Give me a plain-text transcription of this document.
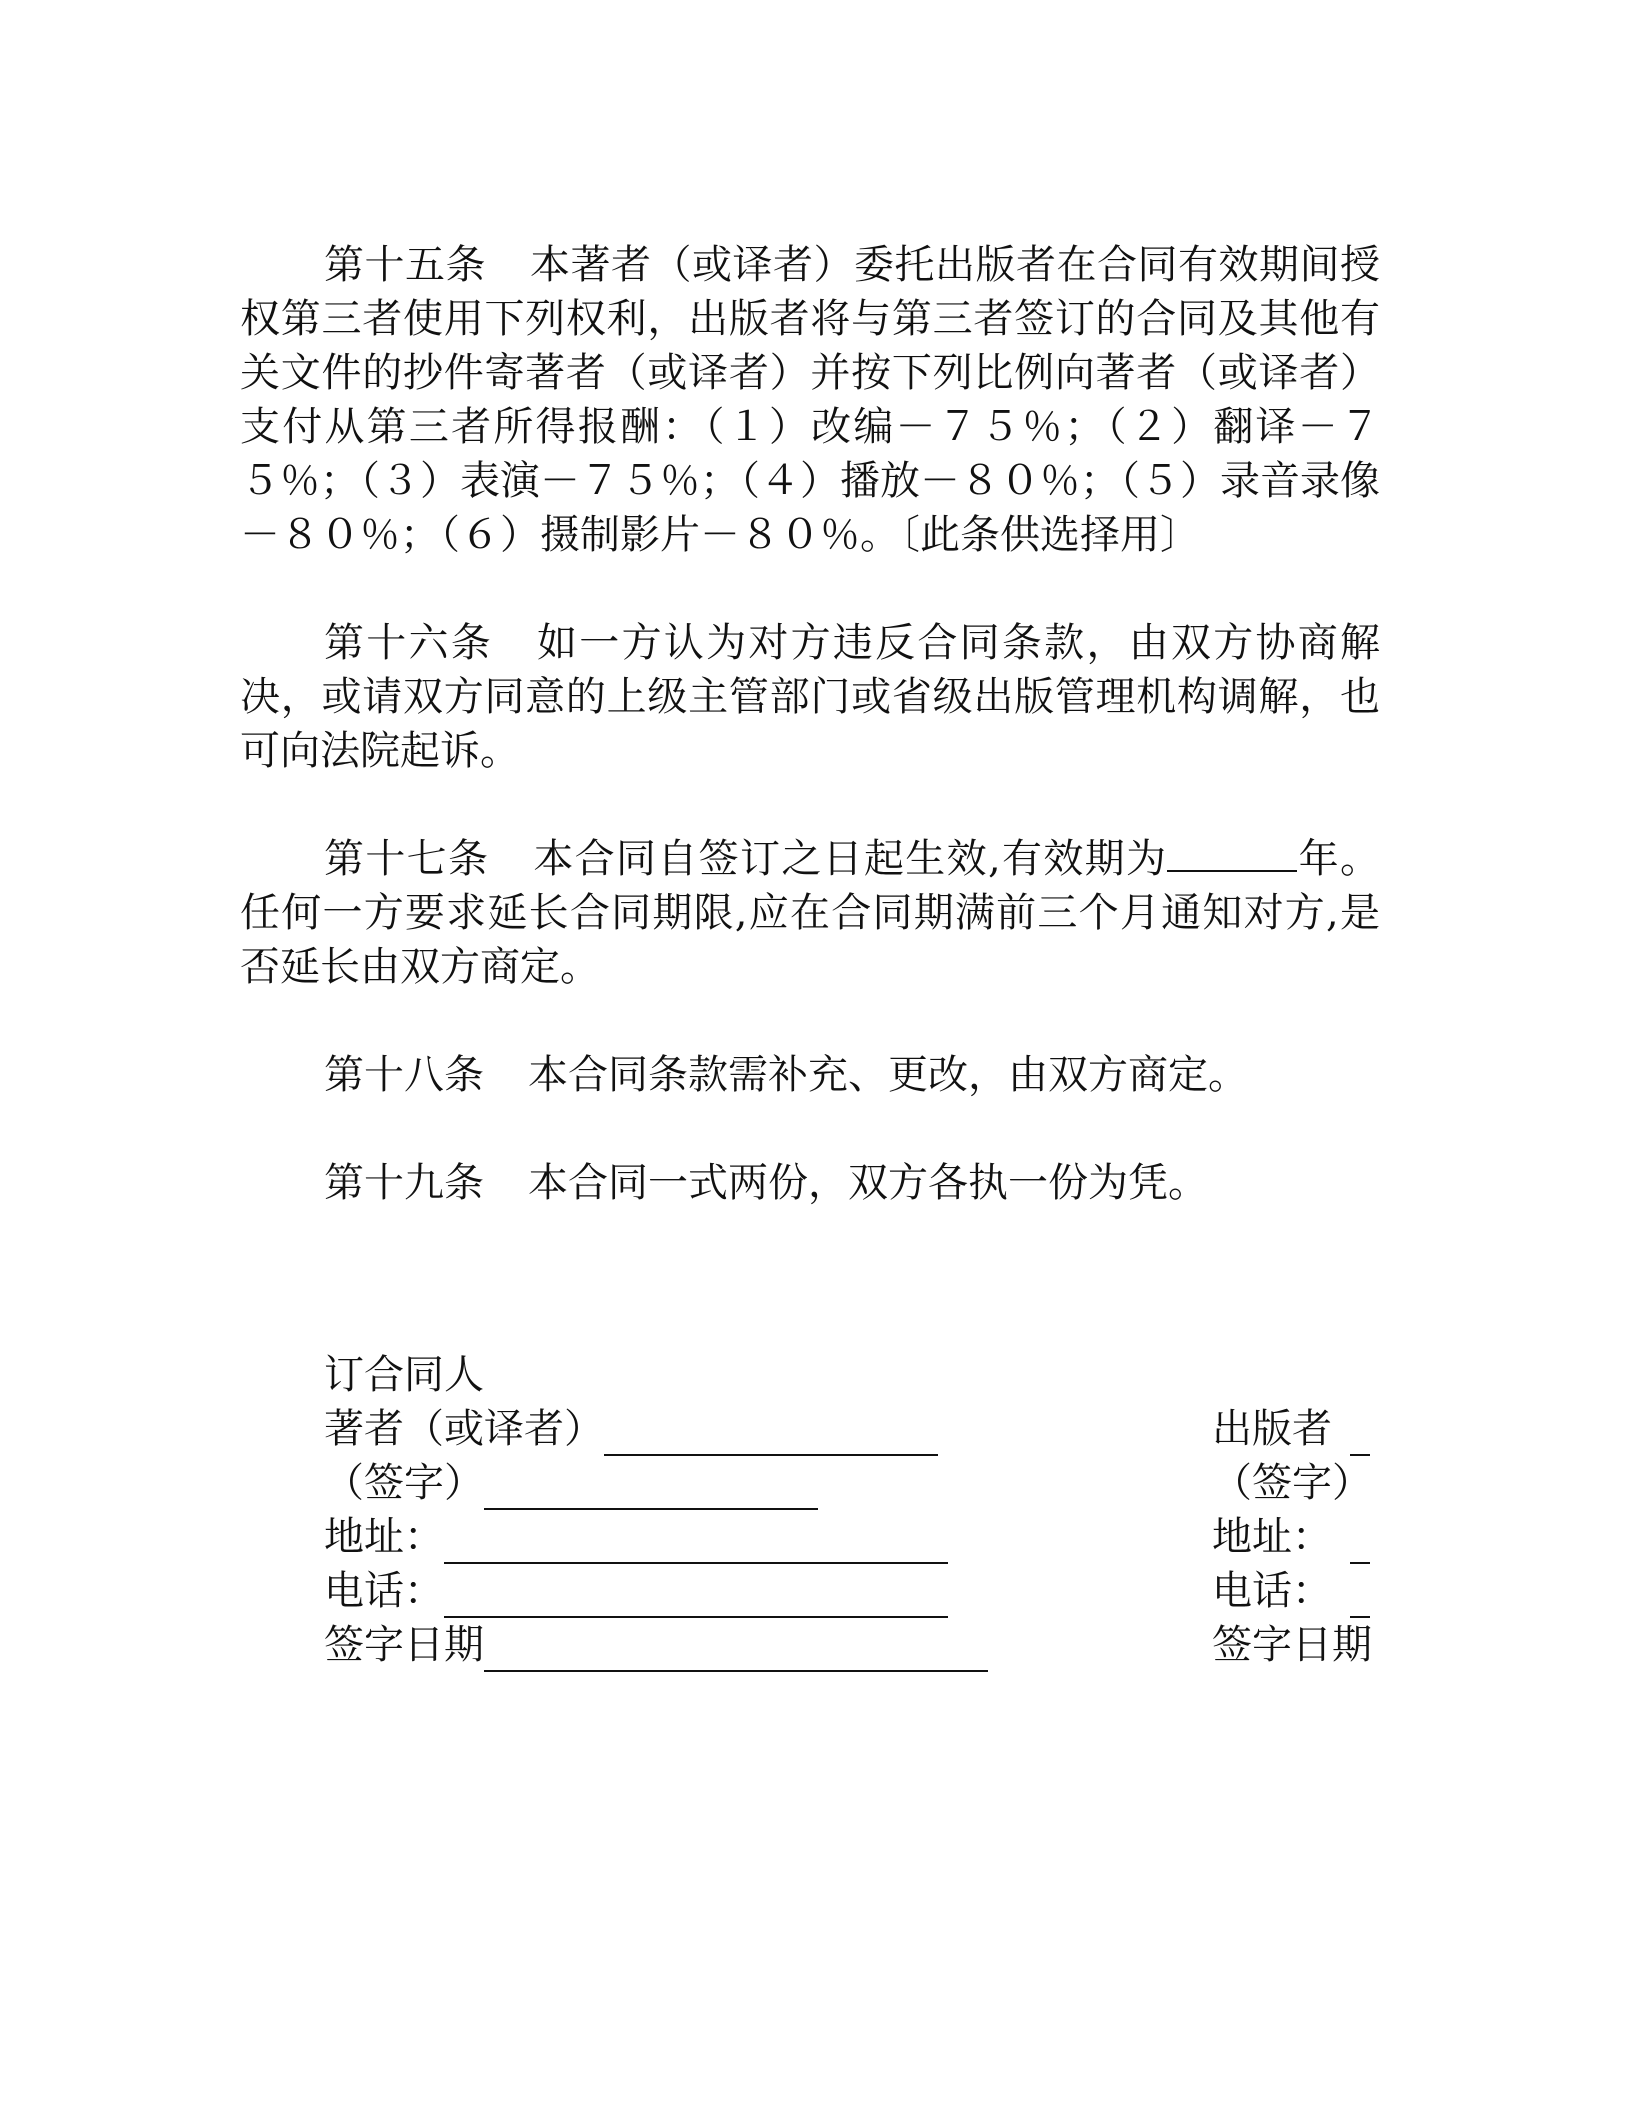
第十五条 本著者（或译者）委托出版者在合同有效期间授权第三者使用下列权利，出版者将与第三者签订的合同及其他有关文件的抄件寄著者（或译者）并按下列比例向著者（或译者）支付从第三者所得报酬：（１）改编－７５％；（２）翻译－７５％；（３）表演－７５％；（４）播放－８０％；（５）录音录像－８０％；（６）摄制影片－８０％。〔此条供选择用〕

第十六条 如一方认为对方违反合同条款，由双方协商解决，或请双方同意的上级主管部门或省级出版管理机构调解，也可向法院起诉。

第十七条 本合同自签订之日起生效,有效期为	年。任何一方要求延长合同期限,应在合同期满前三个月通知对方,是否延长由双方商定。

第十八条 本合同条款需补充、更改，由双方商定。

第十九条 本合同一式两份，双方各执一份为凭。

订合同人
著者（或译者）	出版者
（签字）	（签字）
地址：	地址：
电话：	电话：
签字日期	签字日期
